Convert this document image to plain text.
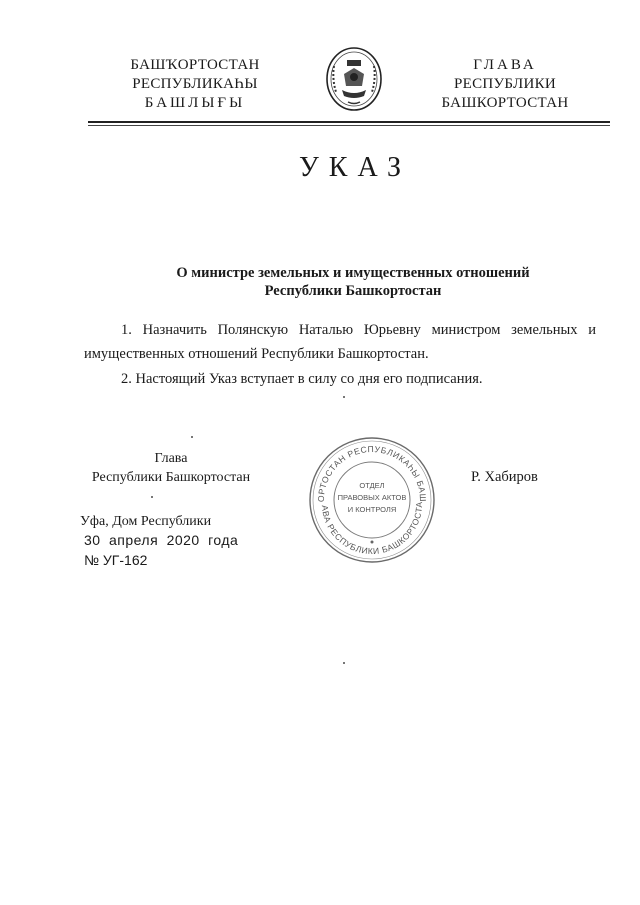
БАШҠОРТОСТАН
РЕСПУБЛИКАҺЫ
БАШЛЫҒЫ
ГЛАВА
РЕСПУБЛИКИ
БАШКОРТОСТАН
УКАЗ
О министре земельных и имущественных отношений
Республики Башкортостан
1. Назначить Полянскую Наталью Юрьевну министром земельных и имущественных отношений Республики Башкортостан.
2. Настоящий Указ вступает в силу со дня его подписания.
Глава
Республики Башкортостан
ОРТОСТАН РЕСПУБЛИКАҺЫ БАШ
АВА РЕСПУБЛИКИ БАШКОРТОСТА
ОТДЕЛ
ПРАВОВЫХ АКТОВ
И КОНТРОЛЯ
Р. Хабиров
Уфа, Дом Республики
30 апреля 2020 года
№ УГ-162
